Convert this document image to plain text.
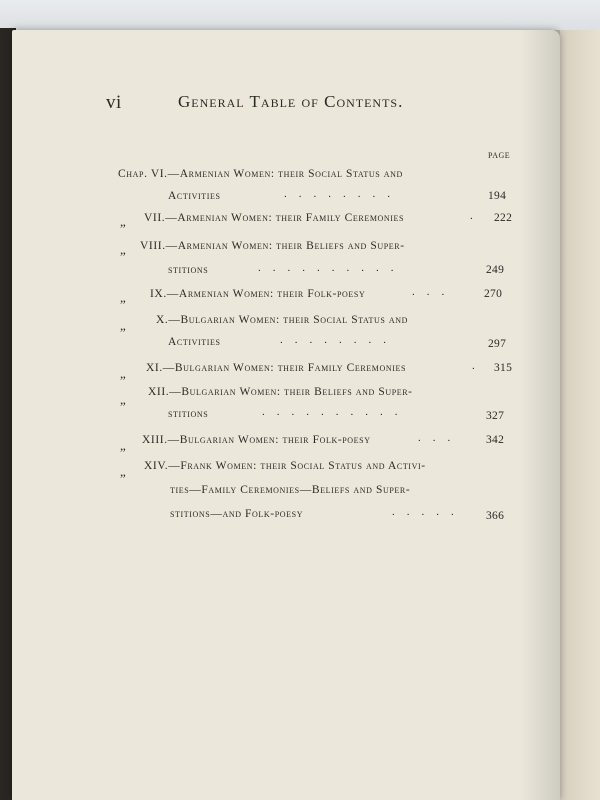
vi	General Table of Contents.
PAGE
Chap. VI.—Armenian Women: their Social Status and
Activities	........	194
„ VII.—Armenian Women: their Family Ceremonies	. 222
„ VIII.—Armenian Women: their Beliefs and Super-
stitions	..........	249
„ IX.—Armenian Women: their Folk-poesy	... 270
„	X.—Bulgarian Women: their Social Status and
Activities	........	297
„ XI.—Bulgarian Women: their Family Ceremonies	. 315
„ XII.—Bulgarian Women: their Beliefs and Super-
stitions	..........	327
„ XIII.—Bulgarian Women: their Folk-poesy	... 342
„ XIV.—Frank Women: their Social Status and Activi-
ties—Family Ceremonies—Beliefs and Super-
stitions—and Folk-poesy	..... 366
